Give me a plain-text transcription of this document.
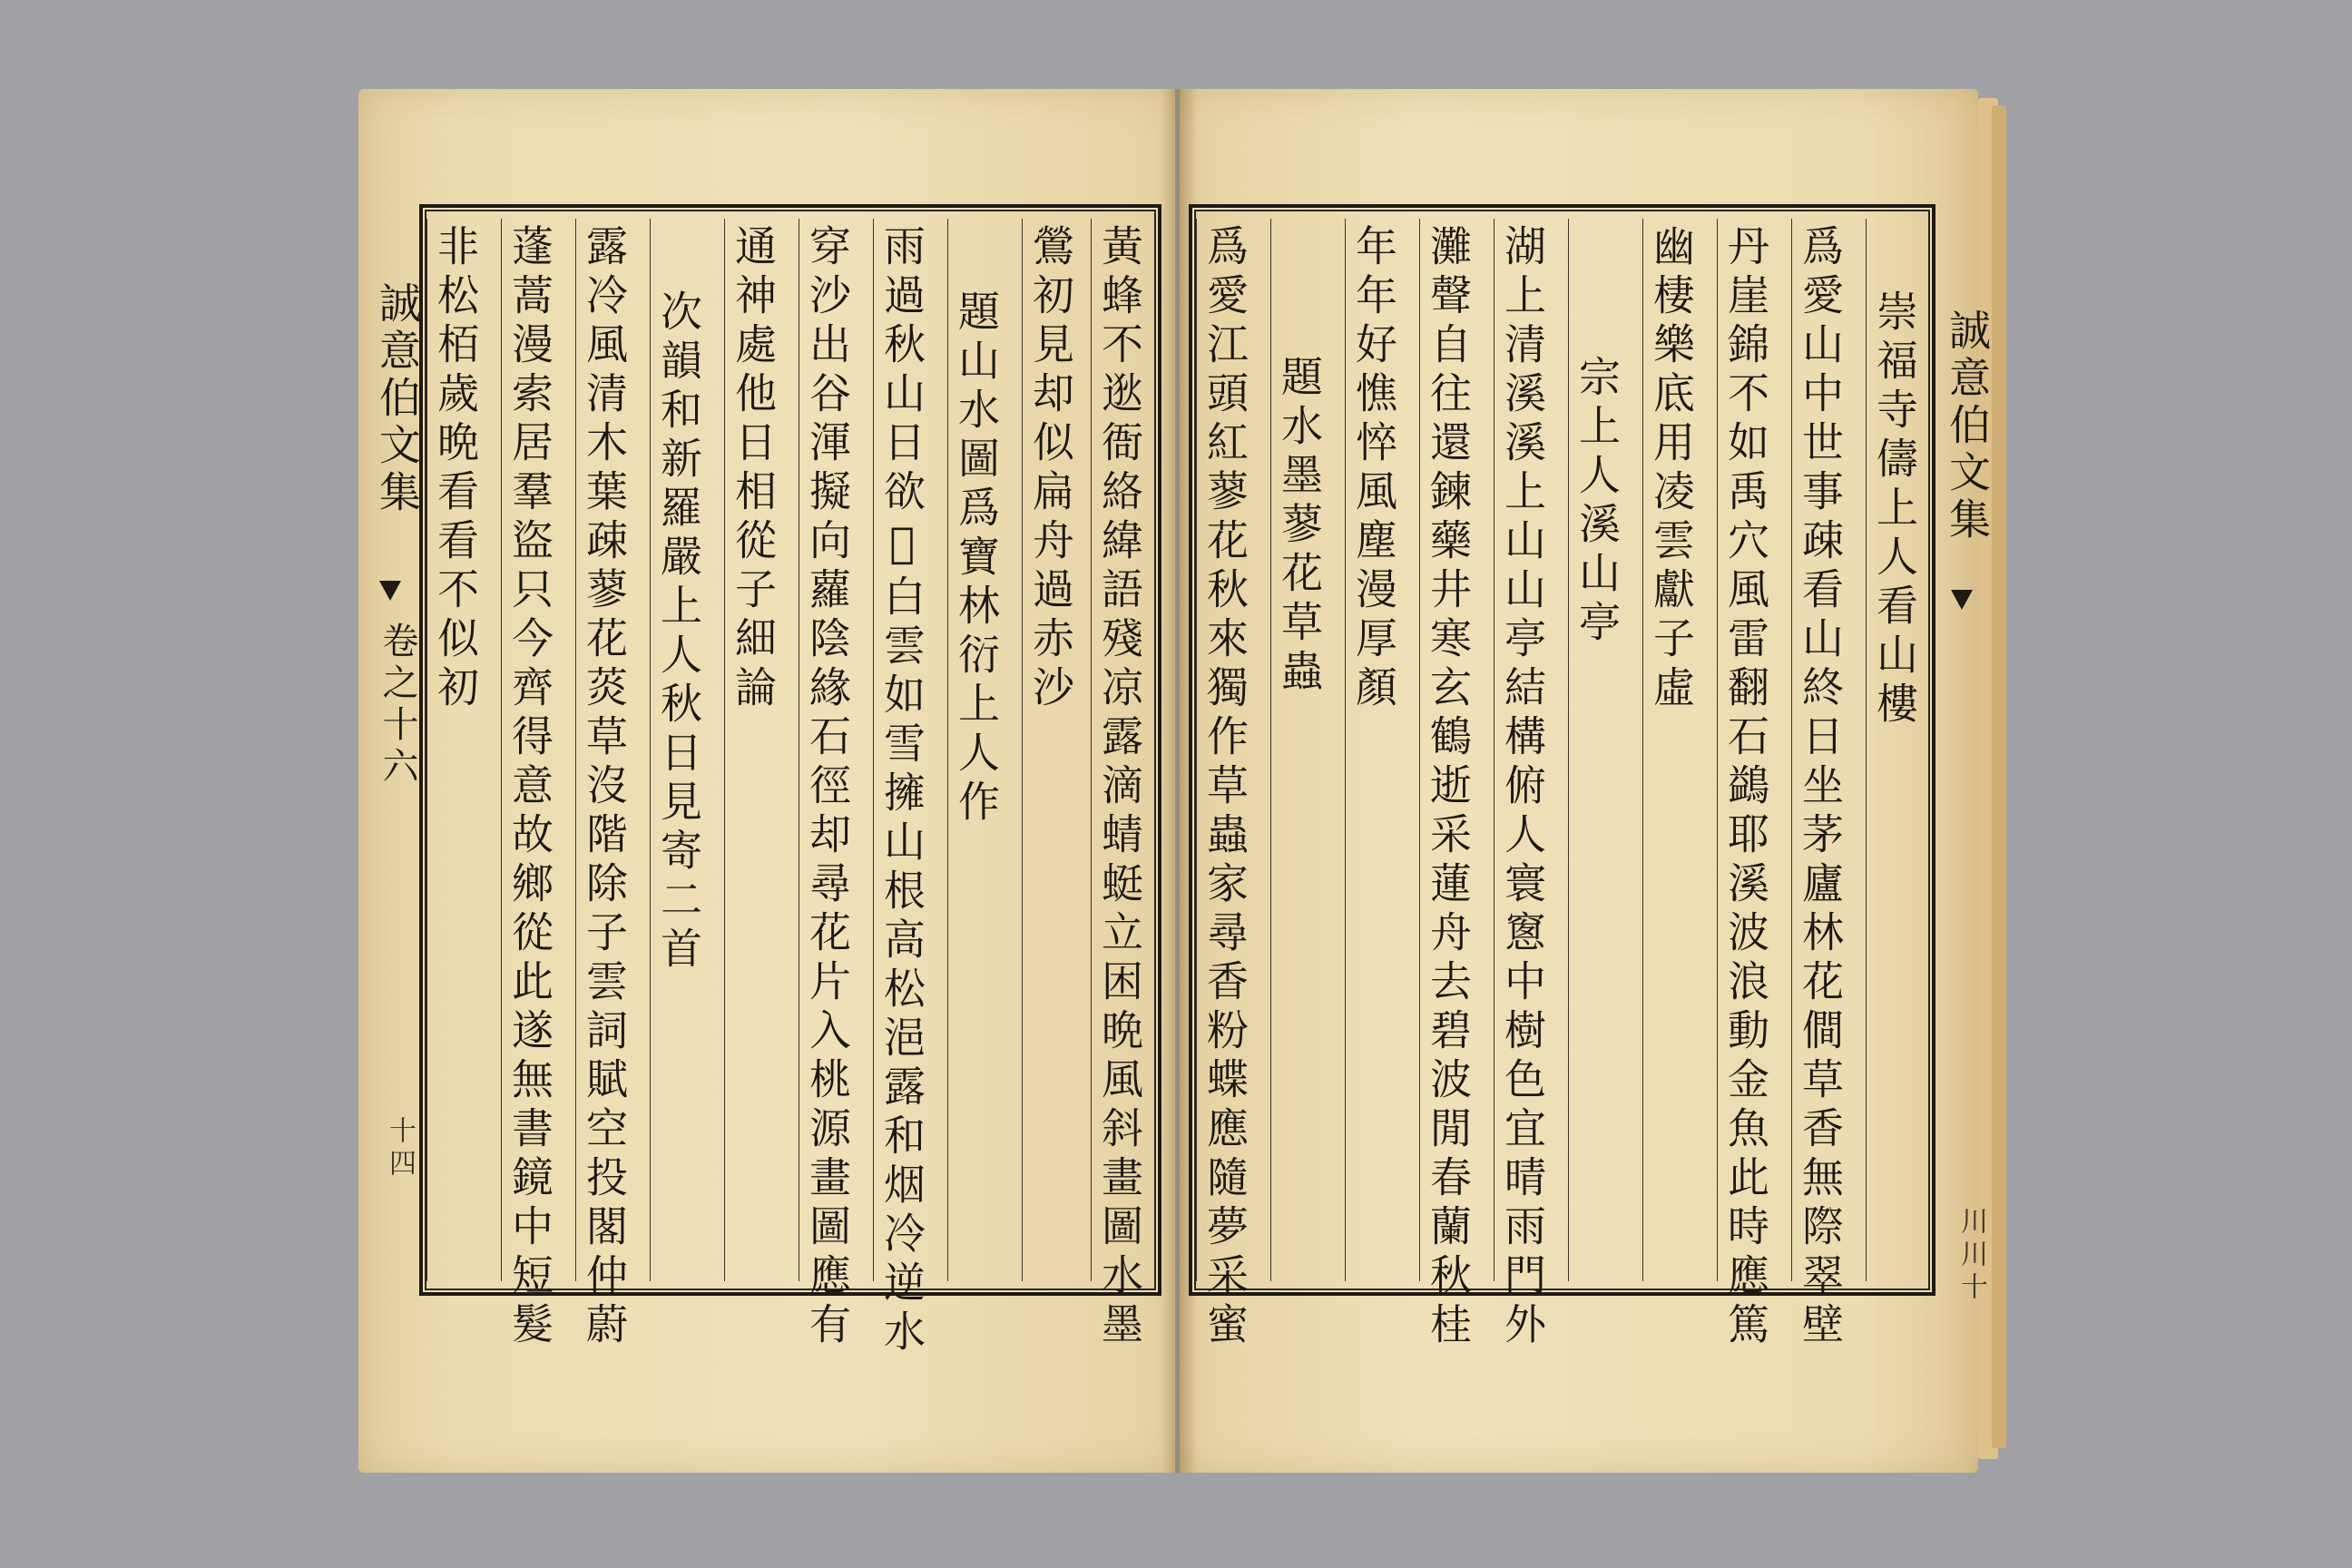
誠意伯文集
卷之十六
十四
非松栢歲晩看看不似初 蓬蒿漫索居羣盜只今齊得意故鄉從此遂無書鏡中短髮 露冷風清木葉疎蓼花菼草沒階除子雲詞賦空投閣仲蔚 次韻和新羅嚴上人秋日見寄二首 通神處他日相從子細論 穿沙出谷渾擬向蘿陰緣石徑却尋花片入桃源畫圖應有 雨過秋山日欲𣚮白雲如雪擁山根高松浥露和烟冷逆水 題山水圖爲寶林衍上人作 鶯初見却似扁舟過赤沙 黃蜂不逖衙絡緯語殘凉露滴蜻蜓立困晩風斜畫圖水墨 爲愛江頭紅蓼花秋來獨作草蟲家尋香粉蝶應隨夢采蜜 題水墨蓼花草蟲 年年好憔悴風塵漫厚顏 灘聲自往還鍊藥井寒玄鶴逝采蓮舟去碧波閒春蘭秋桂 湖上清溪溪上山山亭結構俯人寰窻中樹色宜晴雨門外 宗上人溪山亭 幽棲樂底用凌雲獻子虛 丹崖錦不如禹穴風雷翻石鷁耶溪波浪動金魚此時應篤 爲愛山中世事疎看山終日坐茅廬林花僴草香無際翠壁 崇福寺儔上人看山樓 誠意伯文集
川川十
